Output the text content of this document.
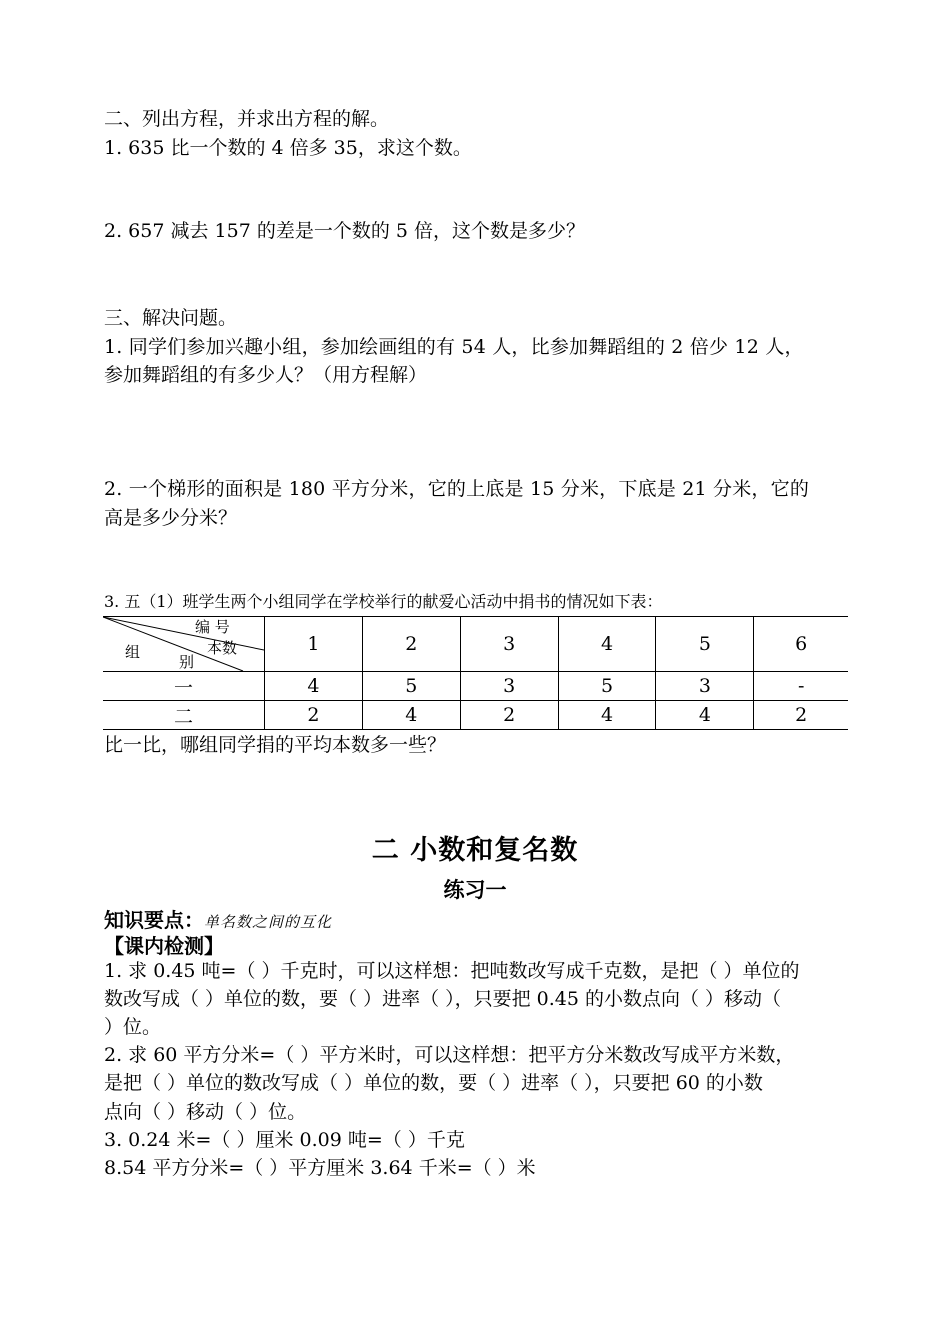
二、列出方程，并求出方程的解。
1. 635 比一个数的 4 倍多 35，求这个数。
2. 657 减去 157 的差是一个数的 5 倍，这个数是多少？
三、解决问题。
1. 同学们参加兴趣小组，参加绘画组的有 54 人，比参加舞蹈组的 2 倍少 12 人，
参加舞蹈组的有多少人？（用方程解）
2. 一个梯形的面积是 180 平方分米，它的上底是 15 分米，下底是 21 分米，它的
高是多少分米？
3. 五（1）班学生两个小组同学在学校举行的献爱心活动中捐书的情况如下表：
编 号
本数
组
别	1	2	3	4	5	6
一	4	5	3	5	3	-
二	2	4	2	4	4	2
比一比，哪组同学捐的平均本数多一些？
二 小数和复名数
练习一
知识要点：单名数之间的互化
【课内检测】
1. 求 0.45 吨=（ ）千克时，可以这样想：把吨数改写成千克数，是把（ ）单位的
数改写成（ ）单位的数，要（ ）进率（ ），只要把 0.45 的小数点向（ ）移动（
）位。
2. 求 60 平方分米=（ ）平方米时，可以这样想：把平方分米数改写成平方米数，
是把（ ）单位的数改写成（ ）单位的数，要（ ）进率（ ），只要把 60 的小数
点向（ ）移动（ ）位。
3. 0.24 米=（ ）厘米 0.09 吨=（ ）千克
8.54 平方分米=（ ）平方厘米 3.64 千米=（ ）米
